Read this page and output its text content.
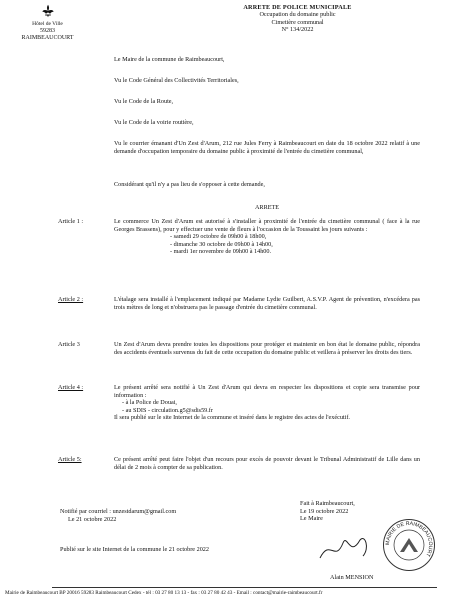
Hôtel de Ville
59283 RAIMBEAUCOURT
ARRETE DE POLICE MUNICIPALE
Occupation du domaine public
Cimetière communal
N° 134/2022
Le Maire de la commune de Raimbeaucourt,
Vu le Code Général des Collectivités Territoriales,
Vu le Code de la Route,
Vu le Code de la voirie routière,
Vu le courrier émanant d'Un Zest d'Arum, 212 rue Jules Ferry à Raimbeaucourt en date du 18 octobre 2022 relatif à une demande d'occupation temporaire du domaine public à proximité de l'entrée du cimetière communal,
Considérant qu'il n'y a pas lieu de s'opposer à cette demande,
ARRETE
Article 1 :	Le commerce Un Zest d'Arum est autorisé à s'installer à proximité de l'entrée du cimetière communal ( face à la rue Georges Brassens), pour y effectuer une vente de fleurs à l'occasion de la Toussaint les jours suivants :
- samedi 29 octobre de 09h00 à 18h00,
- dimanche 30 octobre de 09h00 à 14h00,
- mardi 1er novembre de 09h00 à 14h00.
Article 2 :	L'étalage sera installé à l'emplacement indiqué par Madame Lydie Guilbert, A.S.V.P. Agent de prévention, n'excédera pas trois mètres de long et n'obstruera pas le passage d'entrée du cimetière communal.
Article 3	Un Zest d'Arum devra prendre toutes les dispositions pour protéger et maintenir en bon état le domaine public, répondra des accidents éventuels survenus du fait de cette occupation du domaine public et veillera à préserver les droits des tiers.
Article 4 :	Le présent arrêté sera notifié à Un Zest d'Arum qui devra en respecter les dispositions et copie sera transmise pour information :
- à la Police de Douai,
- au SDIS - circulation.g5@sdis59.fr
Il sera publié sur le site Internet de la commune et inséré dans le registre des actes de l'exécutif.
Article 5:	Ce présent arrêté peut faire l'objet d'un recours pour excès de pouvoir devant le Tribunal Administratif de Lille dans un délai de 2 mois à compter de sa publication.
Notifié par courriel : unzestdarum@gmail.com
Le 21 octobre 2022
Publié sur le site Internet de la commune le 21 octobre 2022
Fait à Raimbeaucourt,
Le 19 octobre 2022
Le Maire
Alain MENSION
MAIRIE DE RAIMBEAUCOURT
Mairie de Raimbeaucourt BP 20016 59283 Raimbeaucourt Cedex - tél : 03 27 80 13 13 - fax : 03 27 80 42 43 - Email : contact@mairie-raimbeaucourt.fr
